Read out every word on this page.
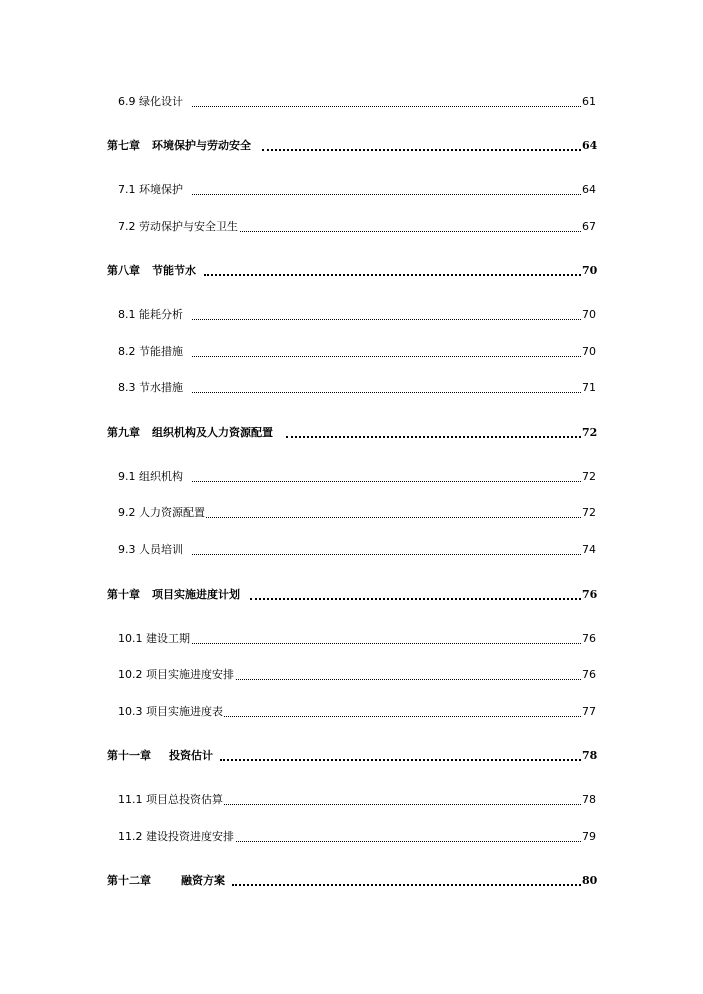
6.9 绿化设计	61
第七章 环境保护与劳动安全	64
7.1 环境保护	64
7.2 劳动保护与安全卫生	67
第八章 节能节水	70
8.1 能耗分析	70
8.2 节能措施	70
8.3 节水措施	71
第九章 组织机构及人力资源配置	72
9.1 组织机构	72
9.2 人力资源配置	72
9.3 人员培训	74
第十章 项目实施进度计划	76
10.1 建设工期	76
10.2 项目实施进度安排	76
10.3 项目实施进度表	77
第十一章 投资估计	78
11.1 项目总投资估算	78
11.2 建设投资进度安排	79
第十二章	融资方案	80
